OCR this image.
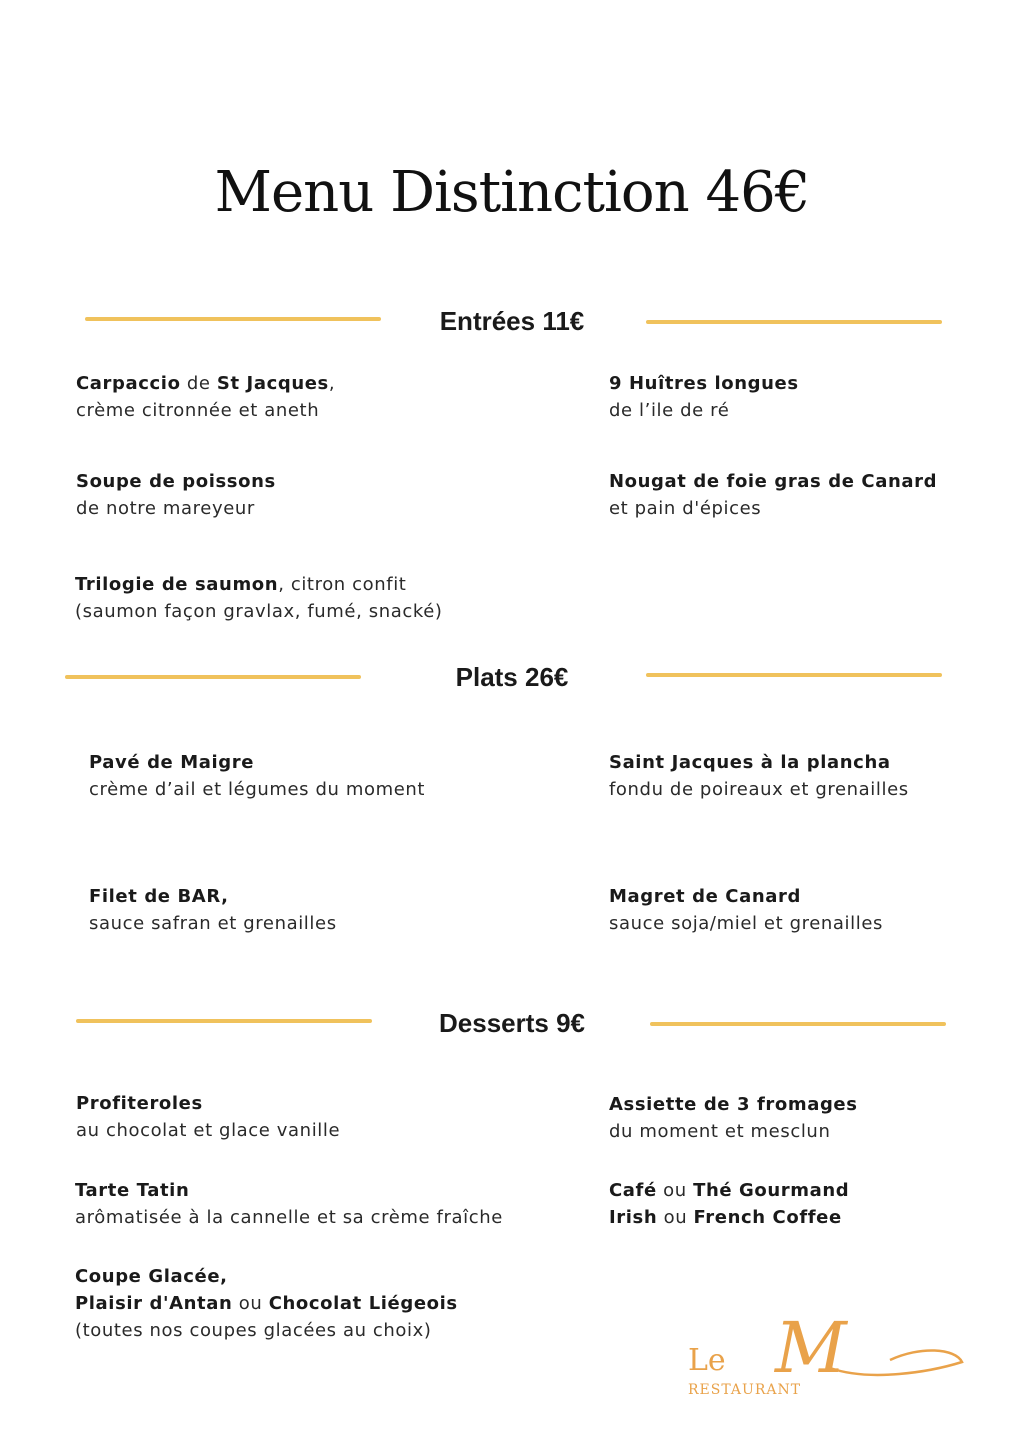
Menu Distinction 46€
Entrées 11€
Carpaccio de St Jacques,
crème citronnée et aneth
9 Huîtres longues
de l’ile de ré
Soupe de poissons
de notre mareyeur
Nougat de foie gras de Canard
et pain d'épices
Trilogie de saumon, citron confit
(saumon façon gravlax, fumé, snacké)
Plats 26€
Pavé de Maigre
crème d’ail et légumes du moment
Saint Jacques à la plancha
fondu de poireaux et grenailles
Filet de BAR,
sauce safran et grenailles
Magret de Canard
sauce soja/miel et grenailles
Desserts 9€
Profiteroles
au chocolat et glace vanille
Assiette de 3 fromages
du moment et mesclun
Tarte Tatin
arômatisée à la cannelle et sa crème fraîche
Café ou Thé Gourmand
Irish ou French Coffee
Coupe Glacée,
Plaisir d'Antan ou Chocolat Liégeois
(toutes nos coupes glacées au choix)
Le M
RESTAURANT
